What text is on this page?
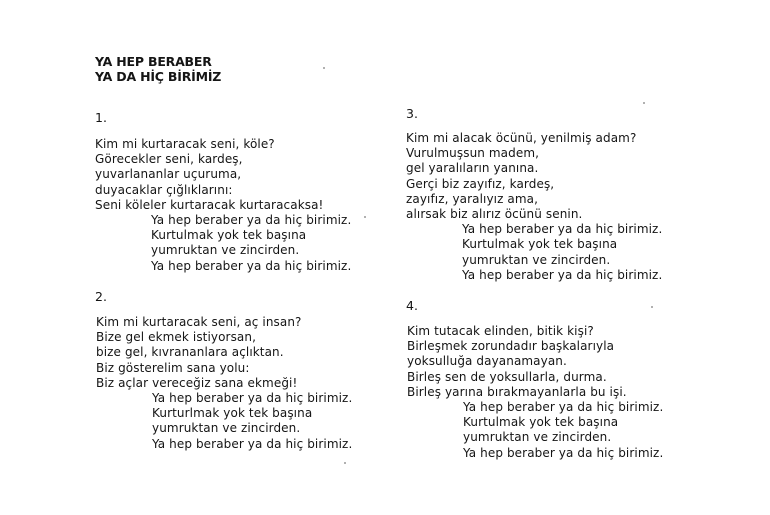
YA HEP BERABER
YA DA HİÇ BİRİMİZ
1.
Kim mi kurtaracak seni, köle?
Görecekler seni, kardeş,
yuvarlananlar uçuruma,
duyacaklar çığlıklarını:
Seni köleler kurtaracak kurtaracaksa!
Ya hep beraber ya da hiç birimiz.
Kurtulmak yok tek başına
yumruktan ve zincirden.
Ya hep beraber ya da hiç birimiz.
2.
Kim mi kurtaracak seni, aç insan?
Bize gel ekmek istiyorsan,
bize gel, kıvrananlara açlıktan.
Biz gösterelim sana yolu:
Biz açlar vereceğiz sana ekmeği!
Ya hep beraber ya da hiç birimiz.
Kurturlmak yok tek başına
yumruktan ve zincirden.
Ya hep beraber ya da hiç birimiz.
3.
Kim mi alacak öcünü, yenilmiş adam?
Vurulmuşsun madem,
gel yaralıların yanına.
Gerçi biz zayıfız, kardeş,
zayıfız, yaralıyız ama,
alırsak biz alırız öcünü senin.
Ya hep beraber ya da hiç birimiz.
Kurtulmak yok tek başına
yumruktan ve zincirden.
Ya hep beraber ya da hiç birimiz.
4.
Kim tutacak elinden, bitik kişi?
Birleşmek zorundadır başkalarıyla
yoksulluğa dayanamayan.
Birleş sen de yoksullarla, durma.
Birleş yarına bırakmayanlarla bu işi.
Ya hep beraber ya da hiç birimiz.
Kurtulmak yok tek başına
yumruktan ve zincirden.
Ya hep beraber ya da hiç birimiz.
